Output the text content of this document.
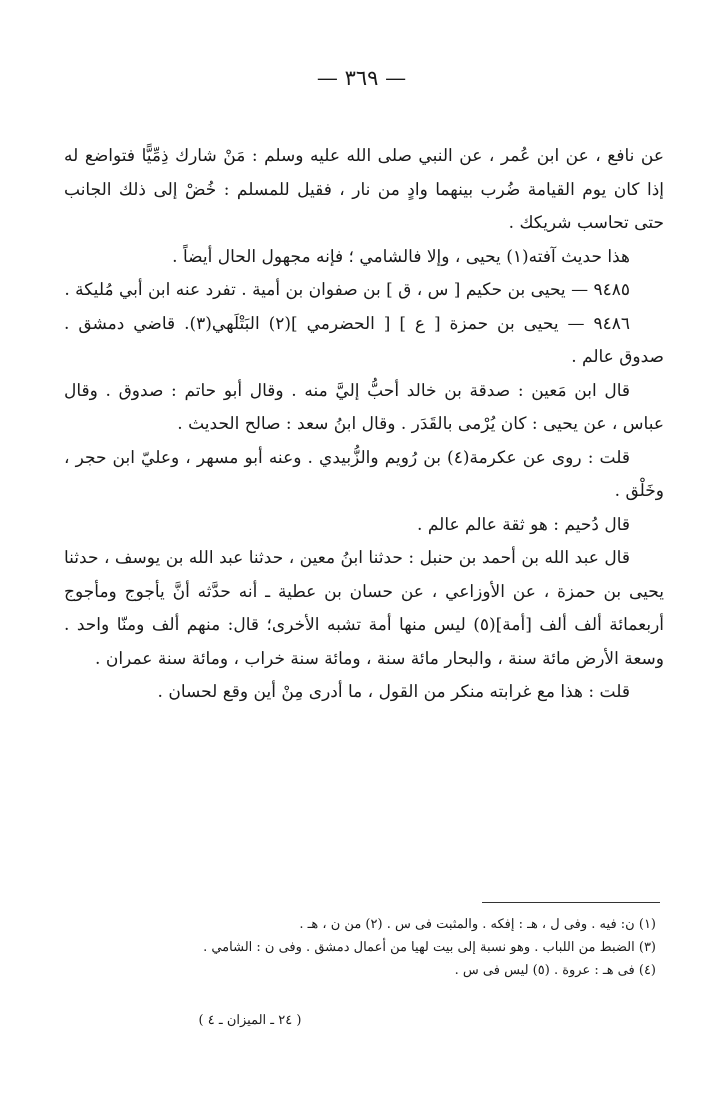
— ٣٦٩ —

عن نافع ، عن ابن عُمر ، عن النبي صلى الله عليه وسلم : مَنْ شارك ذِمِّيًّا فتواضع له إذا كان يوم القيامة ضُرب بينهما وادٍ من نار ، فقيل للمسلم : خُضْ إلى ذلك الجانب حتى تحاسب شريكك .

هذا حديث آفته(١) يحيى ، وإلا فالشامي ؛ فإنه مجهول الحال أيضاً .

٩٤٨٥ — يحيى بن حكيم [ س ، ق ] بن صفوان بن أمية . تفرد عنه ابن أبي مُليكة .

٩٤٨٦ — يحيى بن حمزة [ ع ] [ الحضرمي ](٢) البَتْلَهي(٣). قاضي دمشق . صدوق عالم .

قال ابن مَعين : صدقة بن خالد أحبُّ إليَّ منه . وقال أبو حاتم : صدوق . وقال عباس ، عن يحيى : كان يُرْمى بالقَدَر . وقال ابنُ سعد : صالح الحديث .

قلت : روى عن عكرمة(٤) بن رُويم والزُّبيدي . وعنه أبو مسهر ، وعليّ ابن حجر ، وخَلْق .

قال دُحيم : هو ثقة عالم عالم .

قال عبد الله بن أحمد بن حنبل : حدثنا ابنُ معين ، حدثنا عبد الله بن يوسف ، حدثنا يحيى بن حمزة ، عن الأوزاعي ، عن حسان بن عطية ـ أنه حدَّثه أنَّ يأجوج ومأجوج أربعمائة ألف ألف [أمة](٥) ليس منها أمة تشبه الأخرى؛ قال: منهم ألف ومنّا واحد . وسعة الأرض مائة سنة ، والبحار مائة سنة ، ومائة سنة خراب ، ومائة سنة عمران .

قلت : هذا مع غرابته منكر من القول ، ما أدرى مِنْ أين وقع لحسان .

(١) ن: فيه . وفى ل ، هـ : إفكه . والمثبت فى س . (٢) من ن ، هـ .

(٣) الضبط من اللباب . وهو نسبة إلى بيت لهيا من أعمال دمشق . وفى ن : الشامي .

(٤) فى هـ : عروة . (٥) ليس فى س .

( ٢٤ ـ الميزان ـ ٤ )
